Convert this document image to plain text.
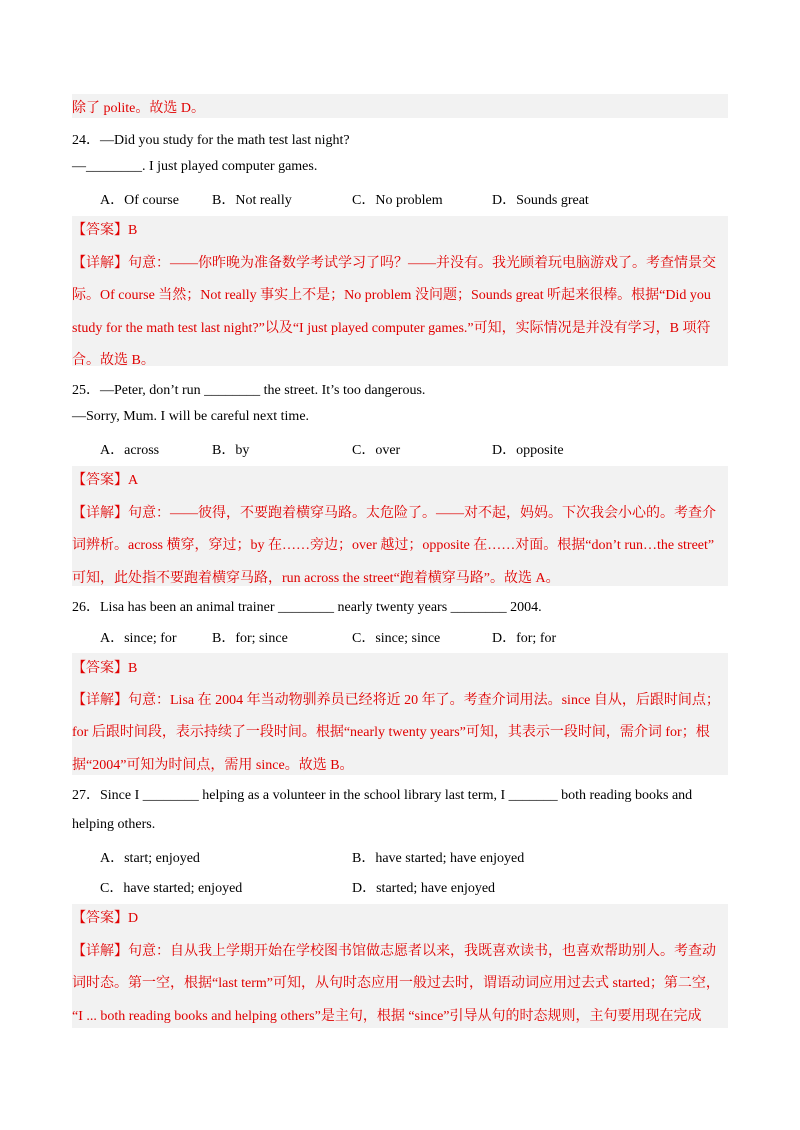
除了 polite。故选 D。
24．—Did you study for the math test last night?
—________. I just played computer games.
A．Of course B．Not really	C．No problem	D．Sounds great
【答案】B
【详解】句意：——你昨晚为准备数学考试学习了吗？——并没有。我光顾着玩电脑游戏了。考查情景交
际。Of course 当然；Not really 事实上不是；No problem 没问题；Sounds great 听起来很棒。根据“Did you
study for the math test last night?”以及“I just played computer games.”可知，实际情况是并没有学习，B 项符
合。故选 B。
25．—Peter, don’t run ________ the street. It’s too dangerous.
—Sorry, Mum. I will be careful next time.
A．across	B．by	C．over	D．opposite
【答案】A
【详解】句意：——彼得，不要跑着横穿马路。太危险了。——对不起，妈妈。下次我会小心的。考查介
词辨析。across 横穿，穿过；by 在……旁边；over 越过；opposite 在……对面。根据“don’t run…the street”
可知，此处指不要跑着横穿马路，run across the street“跑着横穿马路”。故选 A。
26．Lisa has been an animal trainer ________ nearly twenty years ________ 2004.
A．since; for	B．for; since	C．since; since	D．for; for
【答案】B
【详解】句意：Lisa 在 2004 年当动物驯养员已经将近 20 年了。考查介词用法。since 自从，后跟时间点；
for 后跟时间段，表示持续了一段时间。根据“nearly twenty years”可知，其表示一段时间，需介词 for；根
据“2004”可知为时间点，需用 since。故选 B。
27．Since I ________ helping as a volunteer in the school library last term, I _______ both reading books and
helping others.
A．start; enjoyed	B．have started; have enjoyed
C．have started; enjoyed	D．started; have enjoyed
【答案】D
【详解】句意：自从我上学期开始在学校图书馆做志愿者以来，我既喜欢读书，也喜欢帮助别人。考查动
词时态。第一空，根据“last term”可知，从句时态应用一般过去时，谓语动词应用过去式 started；第二空，
“I ... both reading books and helping others”是主句，根据 “since”引导从句的时态规则，主句要用现在完成
